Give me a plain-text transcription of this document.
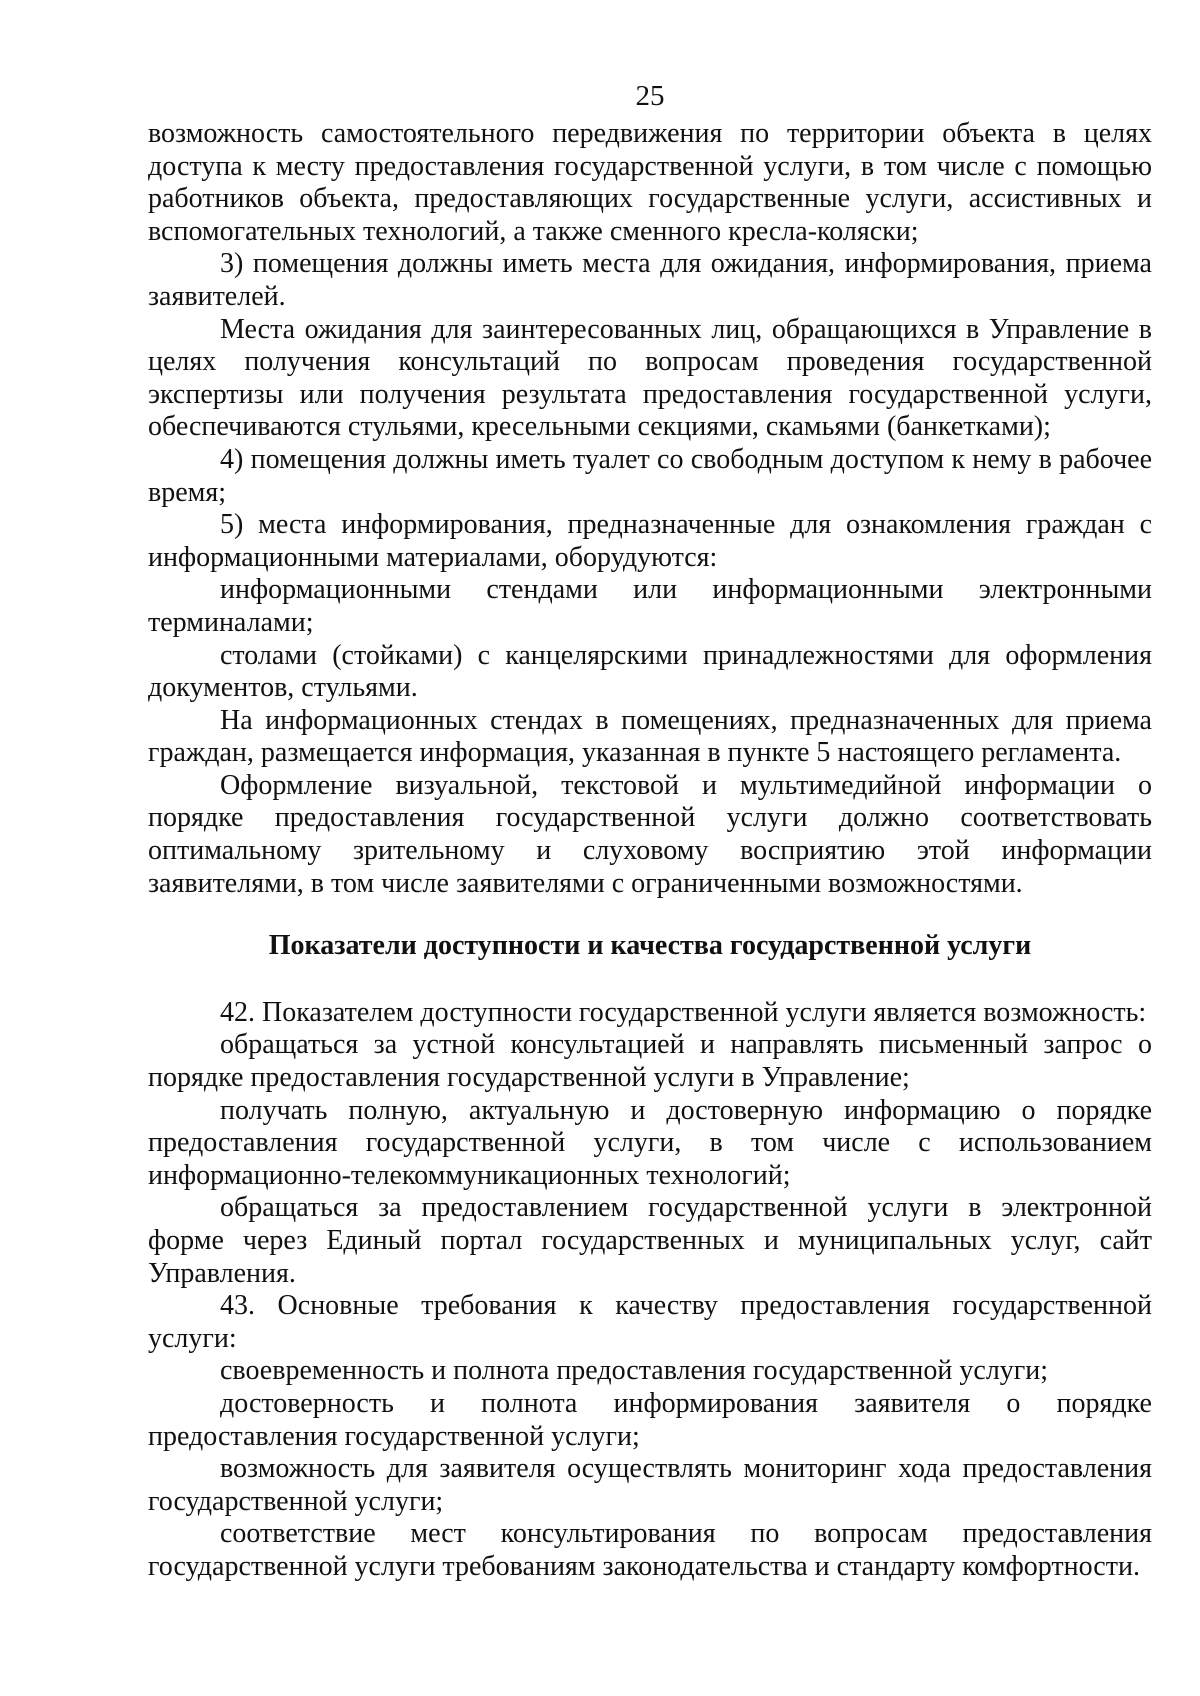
25

возможность самостоятельного передвижения по территории объекта в целях доступа к месту предоставления государственной услуги, в том числе с помощью работников объекта, предоставляющих государственные услуги, ассистивных и вспомогательных технологий, а также сменного кресла-коляски;

3) помещения должны иметь места для ожидания, информирования, приема заявителей.

Места ожидания для заинтересованных лиц, обращающихся в Управление в целях получения консультаций по вопросам проведения государственной экспертизы или получения результата предоставления государственной услуги, обеспечиваются стульями, кресельными секциями, скамьями (банкетками);

4) помещения должны иметь туалет со свободным доступом к нему в рабочее время;

5) места информирования, предназначенные для ознакомления граждан с информационными материалами, оборудуются:

информационными стендами или информационными электронными терминалами;

столами (стойками) с канцелярскими принадлежностями для оформления документов, стульями.

На информационных стендах в помещениях, предназначенных для приема граждан, размещается информация, указанная в пункте 5 настоящего регламента.

Оформление визуальной, текстовой и мультимедийной информации о порядке предоставления государственной услуги должно соответствовать оптимальному зрительному и слуховому восприятию этой информации заявителями, в том числе заявителями с ограниченными возможностями.

Показатели доступности и качества государственной услуги

42. Показателем доступности государственной услуги является возможность:

обращаться за устной консультацией и направлять письменный запрос о порядке предоставления государственной услуги в Управление;

получать полную, актуальную и достоверную информацию о порядке предоставления государственной услуги, в том числе с использованием информационно-телекоммуникационных технологий;

обращаться за предоставлением государственной услуги в электронной форме через Единый портал государственных и муниципальных услуг, сайт Управления.

43. Основные требования к качеству предоставления государственной услуги:

своевременность и полнота предоставления государственной услуги;

достоверность и полнота информирования заявителя о порядке предоставления государственной услуги;

возможность для заявителя осуществлять мониторинг хода предоставления государственной услуги;

соответствие мест консультирования по вопросам предоставления государственной услуги требованиям законодательства и стандарту комфортности.
